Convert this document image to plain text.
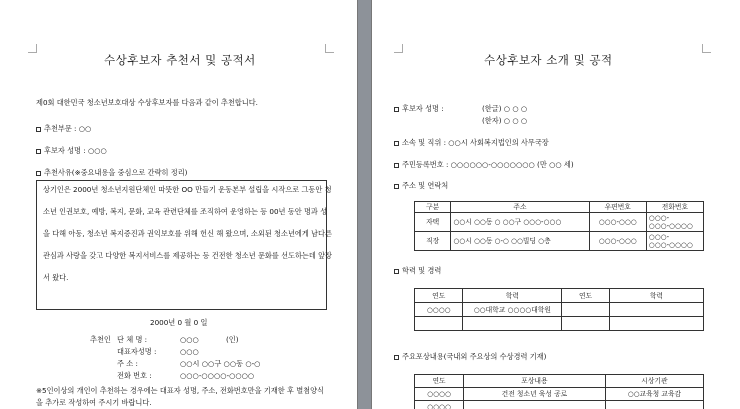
수상후보자 추천서 및 공적서
제0회 대한민국 청소년보호대상 수상후보자를 다음과 같이 추천합니다.
추천부문 : ○○
후보자 성명 : ○○○
추천사유(※중요내용을 중심으로 간략히 정리)
상기인은 2000년 청소년지원단체인 따뜻한 OO 만들기 운동본부 설립을 시작으로 그동안 청
소년 인권보호, 예방, 복지, 문화, 교육 관련단체를 조직하여 운영하는 등 00년 동안 명과 성
을 다해 아동, 청소년 복지증진과 권익보호를 위해 헌신 해 왔으며, 소외된 청소년에게 남다른
관심과 사랑을 갖고 다양한 복지서비스를 제공하는 등 건전한 청소년 문화를 선도하는데 앞장
서 왔다.
2000년 0 월 0 일
추천인 단 체 명 :	○○○	(인)
대표자성명 :	○○○
주 소 :	○○시 ○○구 ○○동 ○-○
전화 번호 :	○○○-○○○○-○○○○
※5인이상의 개인이 추천하는 경우에는 대표자 성명, 주소, 전화번호만을 기재한 후 별첨양식
을 추가로 작성하여 주시기 바랍니다.
수상후보자 소개 및 공적
후보자 성명 :	(한글) ○ ○ ○
(한자) ○ ○ ○
소속 및 직위 : ○○시 사회복지법인의 사무국장
주민등록번호 : ○○○○○○-○○○○○○○ (만 ○○ 세)
주소 및 연락처
구분	주소	우편번호	전화번호
자택	○○시 ○○동 ○ ○○구 ○○○-○○○	○○○-○○○	○○○-
○○○-○○○○
직장	○○시 ○○동 ○-○ ○○빌딩 ○층	○○○-○○○	○○○-
○○○-○○○○
학력 및 경력
연도	학력	연도	학력
○○○○	○○대학교 ○○○○대학원		

주요포상내용(국내외 주요상의 수상경력 기재)
연도	포상내용	시상기관
○○○○	건전 청소년 육성 공로	○○교육청 교육감
○○○○		
